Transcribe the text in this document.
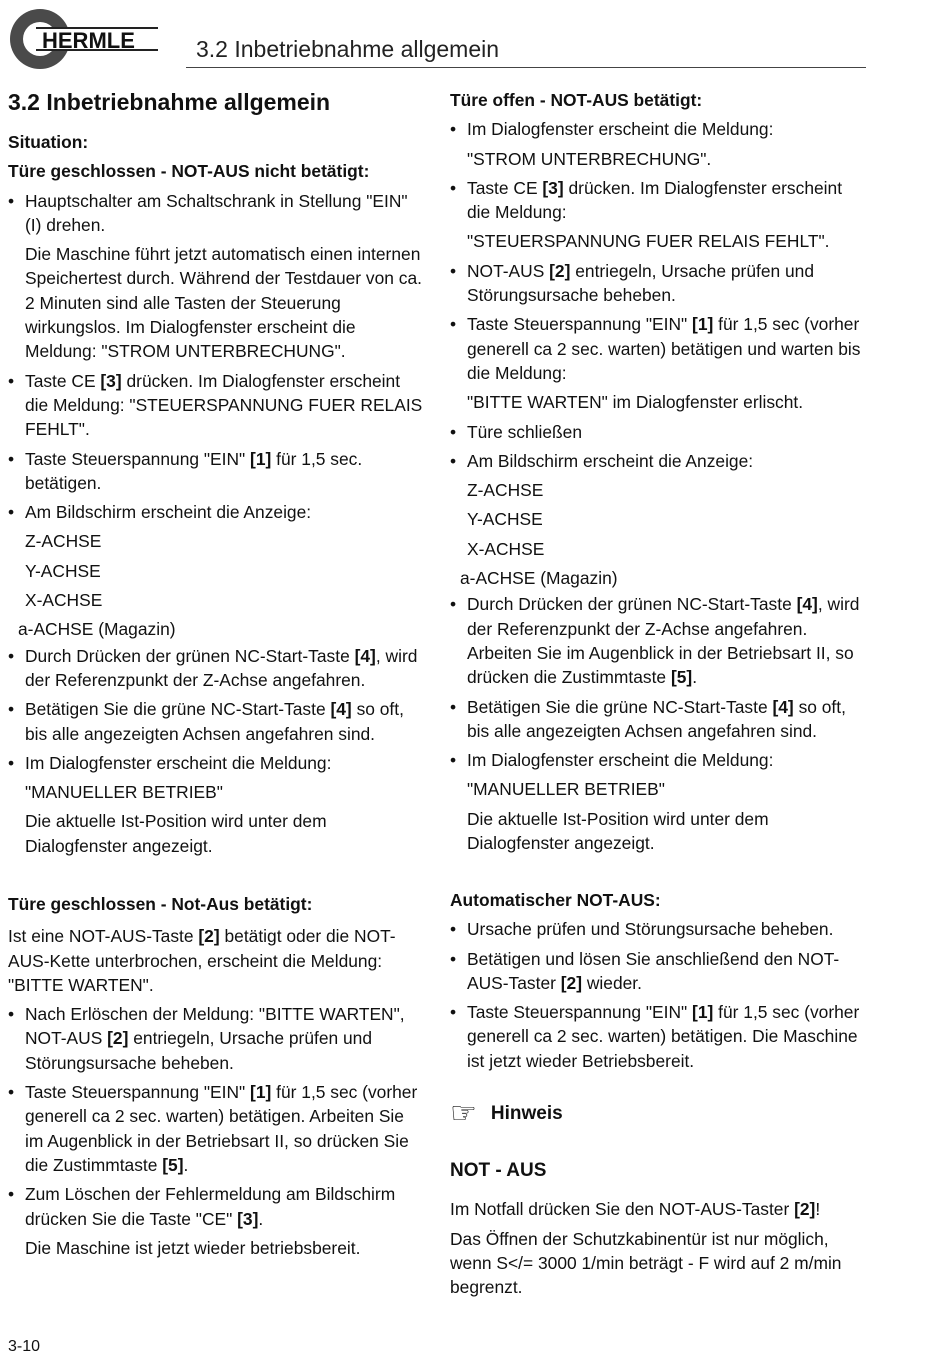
HERMLE	3.2 Inbetriebnahme allgemein

3.2 Inbetriebnahme allgemein

Situation:

Türe geschlossen - NOT-AUS nicht betätigt:

• Hauptschalter am Schaltschrank in Stellung "EIN" (I) drehen.
Die Maschine führt jetzt automatisch einen internen Speichertest durch. Während der Testdauer von ca. 2 Minuten sind alle Tasten der Steuerung wirkungslos. Im Dialogfenster erscheint die Meldung: "STROM UNTERBRECHUNG".
• Taste CE [3] drücken. Im Dialogfenster erscheint die Meldung: "STEUERSPANNUNG FUER RELAIS FEHLT".
• Taste Steuerspannung "EIN" [1] für 1,5 sec. betätigen.
• Am Bildschirm erscheint die Anzeige:
Z-ACHSE
Y-ACHSE
X-ACHSE
a-ACHSE (Magazin)
• Durch Drücken der grünen NC-Start-Taste [4], wird der Referenzpunkt der Z-Achse angefahren.
• Betätigen Sie die grüne NC-Start-Taste [4] so oft, bis alle angezeigten Achsen angefahren sind.
• Im Dialogfenster erscheint die Meldung:
"MANUELLER BETRIEB"
Die aktuelle Ist-Position wird unter dem Dialogfenster angezeigt.

Türe geschlossen - Not-Aus betätigt:

Ist eine NOT-AUS-Taste [2] betätigt oder die NOT-AUS-Kette unterbrochen, erscheint die Meldung: "BITTE WARTEN".

• Nach Erlöschen der Meldung: "BITTE WARTEN", NOT-AUS [2] entriegeln, Ursache prüfen und Störungsursache beheben.
• Taste Steuerspannung "EIN" [1] für 1,5 sec (vorher generell ca 2 sec. warten) betätigen. Arbeiten Sie im Augenblick in der Betriebsart II, so drücken Sie die Zustimmtaste [5].
• Zum Löschen der Fehlermeldung am Bildschirm drücken Sie die Taste "CE" [3].
Die Maschine ist jetzt wieder betriebsbereit.

Türe offen - NOT-AUS betätigt:

• Im Dialogfenster erscheint die Meldung:
"STROM UNTERBRECHUNG".
• Taste CE [3] drücken. Im Dialogfenster erscheint die Meldung:
"STEUERSPANNUNG FUER RELAIS FEHLT".
• NOT-AUS [2] entriegeln, Ursache prüfen und Störungsursache beheben.
• Taste Steuerspannung "EIN" [1] für 1,5 sec (vorher generell ca 2 sec. warten) betätigen und warten bis die Meldung:
"BITTE WARTEN" im Dialogfenster erlischt.
• Türe schließen
• Am Bildschirm erscheint die Anzeige:
Z-ACHSE
Y-ACHSE
X-ACHSE
a-ACHSE (Magazin)
• Durch Drücken der grünen NC-Start-Taste [4], wird der Referenzpunkt der Z-Achse angefahren. Arbeiten Sie im Augenblick in der Betriebsart II, so drücken die Zustimmtaste [5].
• Betätigen Sie die grüne NC-Start-Taste [4] so oft, bis alle angezeigten Achsen angefahren sind.
• Im Dialogfenster erscheint die Meldung:
"MANUELLER BETRIEB"
Die aktuelle Ist-Position wird unter dem Dialogfenster angezeigt.

Automatischer NOT-AUS:

• Ursache prüfen und Störungsursache beheben.
• Betätigen und lösen Sie anschließend den NOT-AUS-Taster [2] wieder.
• Taste Steuerspannung "EIN" [1] für 1,5 sec (vorher generell ca 2 sec. warten) betätigen. Die Maschine ist jetzt wieder Betriebsbereit.
☞ Hinweis

NOT - AUS

Im Notfall drücken Sie den NOT-AUS-Taster [2]!

Das Öffnen der Schutzkabinentür ist nur möglich, wenn S</= 3000 1/min beträgt - F wird auf 2 m/min begrenzt.

3-10
